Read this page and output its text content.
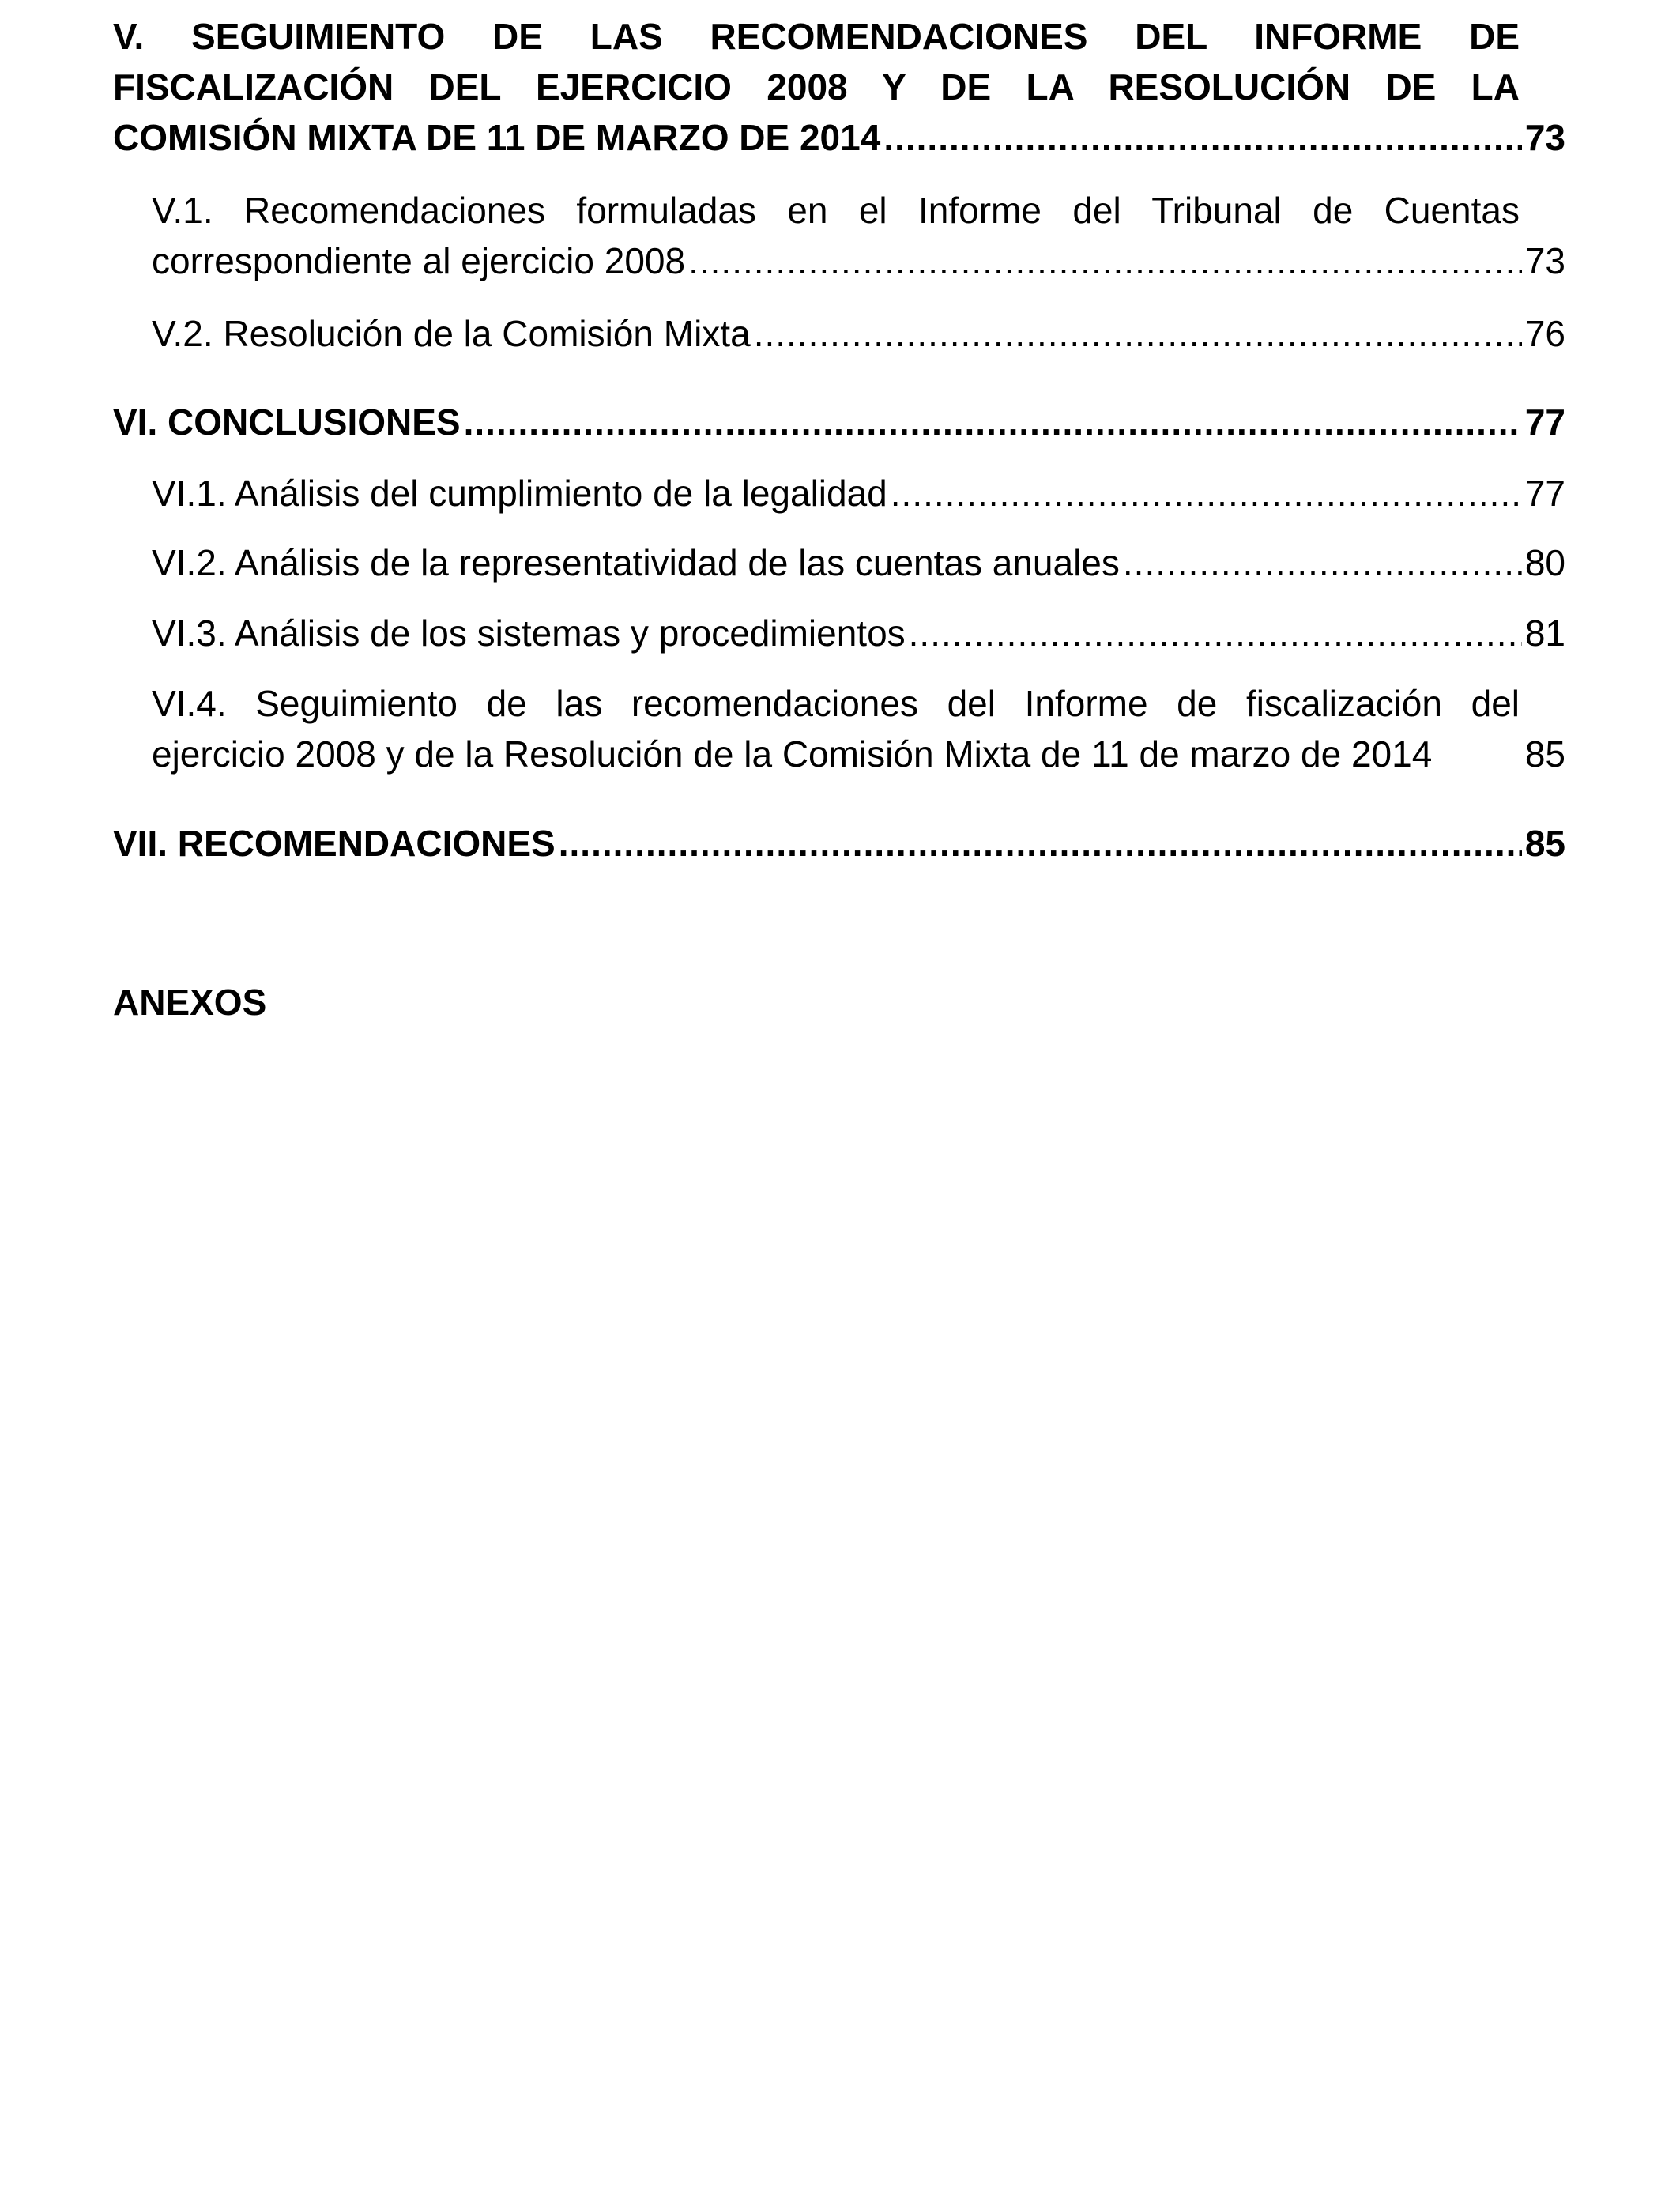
V. SEGUIMIENTO DE LAS RECOMENDACIONES DEL INFORME DE
FISCALIZACIÓN DEL EJERCICIO 2008 Y DE LA RESOLUCIÓN DE LA
COMISIÓN MIXTA DE 11 DE MARZO DE 2014 .....	73
V.1. Recomendaciones formuladas en el Informe del Tribunal de Cuentas
correspondiente al ejercicio 2008 .....	73
V.2. Resolución de la Comisión Mixta .....	76
VI. CONCLUSIONES .....	77
VI.1. Análisis del cumplimiento de la legalidad .....	77
VI.2. Análisis de la representatividad de las cuentas anuales .....	80
VI.3. Análisis de los sistemas y procedimientos .....	81
VI.4. Seguimiento de las recomendaciones del Informe de fiscalización del
ejercicio 2008 y de la Resolución de la Comisión Mixta de 11 de marzo de 2014	85
VII. RECOMENDACIONES .....	85
ANEXOS
